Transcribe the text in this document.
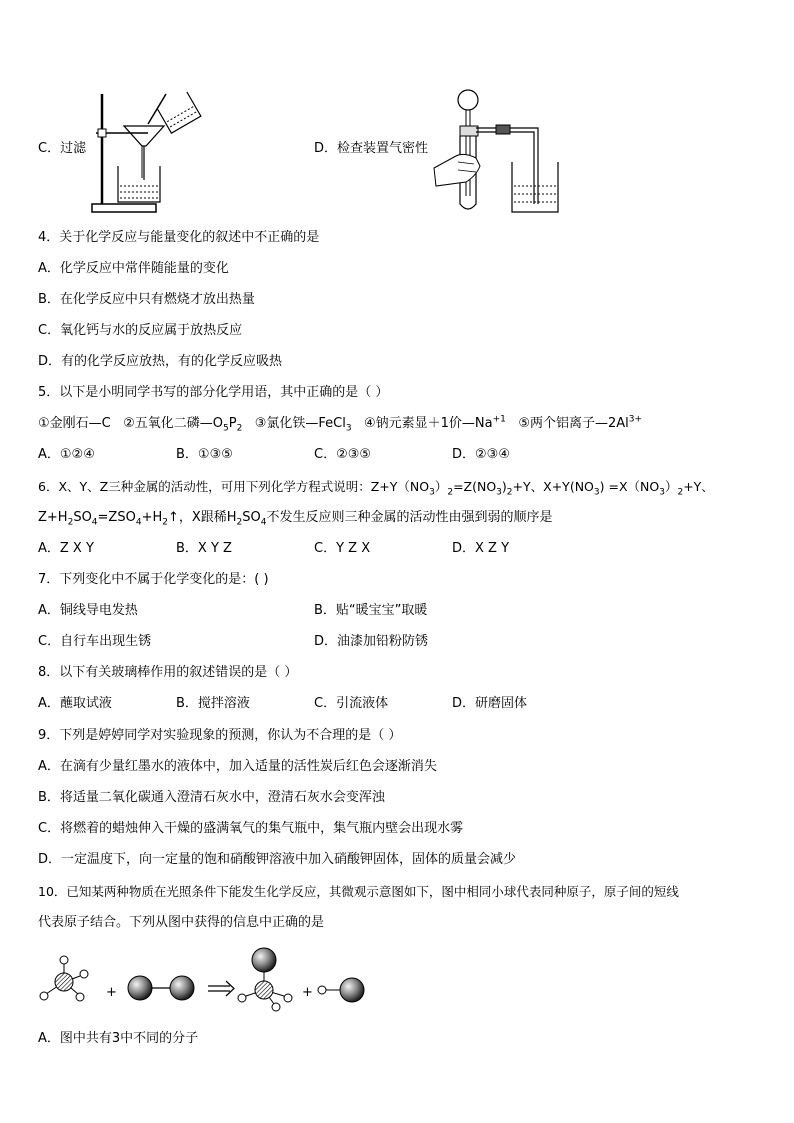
C．过滤	D．检查装置气密性
4．关于化学反应与能量变化的叙述中不正确的是
A．化学反应中常伴随能量的变化
B．在化学反应中只有燃烧才放出热量
C．氧化钙与水的反应属于放热反应
D．有的化学反应放热，有的化学反应吸热
5．以下是小明同学书写的部分化学用语，其中正确的是（ ）
①金刚石—C ②五氧化二磷$—O_5P_2$ ③氯化铁—FeCl$_3$ ④钠元素显＋1价$—Na^{+1}$ ⑤两个铝离子$—2Al^{3+}$
A．①②④	B．①③⑤	C．②③⑤	D．②③④
6．X、Y、Z三种金属的活动性，可用下列化学方程式说明：$Z+Y(NO_3)_2=Z(NO_3)_2+Y$、$X+Y(NO_3) =X(NO_3)_2+Y$、
$Z+H_2SO_4=ZSO_4+H_2↑$，X跟稀$H_2SO_4$不发生反应则三种金属的活动性由强到弱的顺序是
A．Z X Y	B．X Y Z	C．Y Z X	D．X Z Y
7．下列变化中不属于化学变化的是：( )
A．铜线导电发热	B．贴“暖宝宝”取暖
C．自行车出现生锈	D．油漆加铅粉防锈
8．以下有关玻璃棒作用的叙述错误的是（ ）
A．蘸取试液	B．搅拌溶液	C．引流液体	D．研磨固体
9．下列是婷婷同学对实验现象的预测，你认为不合理的是（ ）
A．在滴有少量红墨水的液体中，加入适量的活性炭后红色会逐渐消失
B．将适量二氧化碳通入澄清石灰水中，澄清石灰水会变浑浊
C．将燃着的蜡烛伸入干燥的盛满氧气的集气瓶中，集气瓶内壁会出现水雾
D．一定温度下，向一定量的饱和硝酸钾溶液中加入硝酸钾固体，固体的质量会减少
10．已知某两种物质在光照条件下能发生化学反应，其微观示意图如下，图中相同小球代表同种原子，原子间的短线
代表原子结合。下列从图中获得的信息中正确的是
+	+
A．图中共有3中不同的分子
